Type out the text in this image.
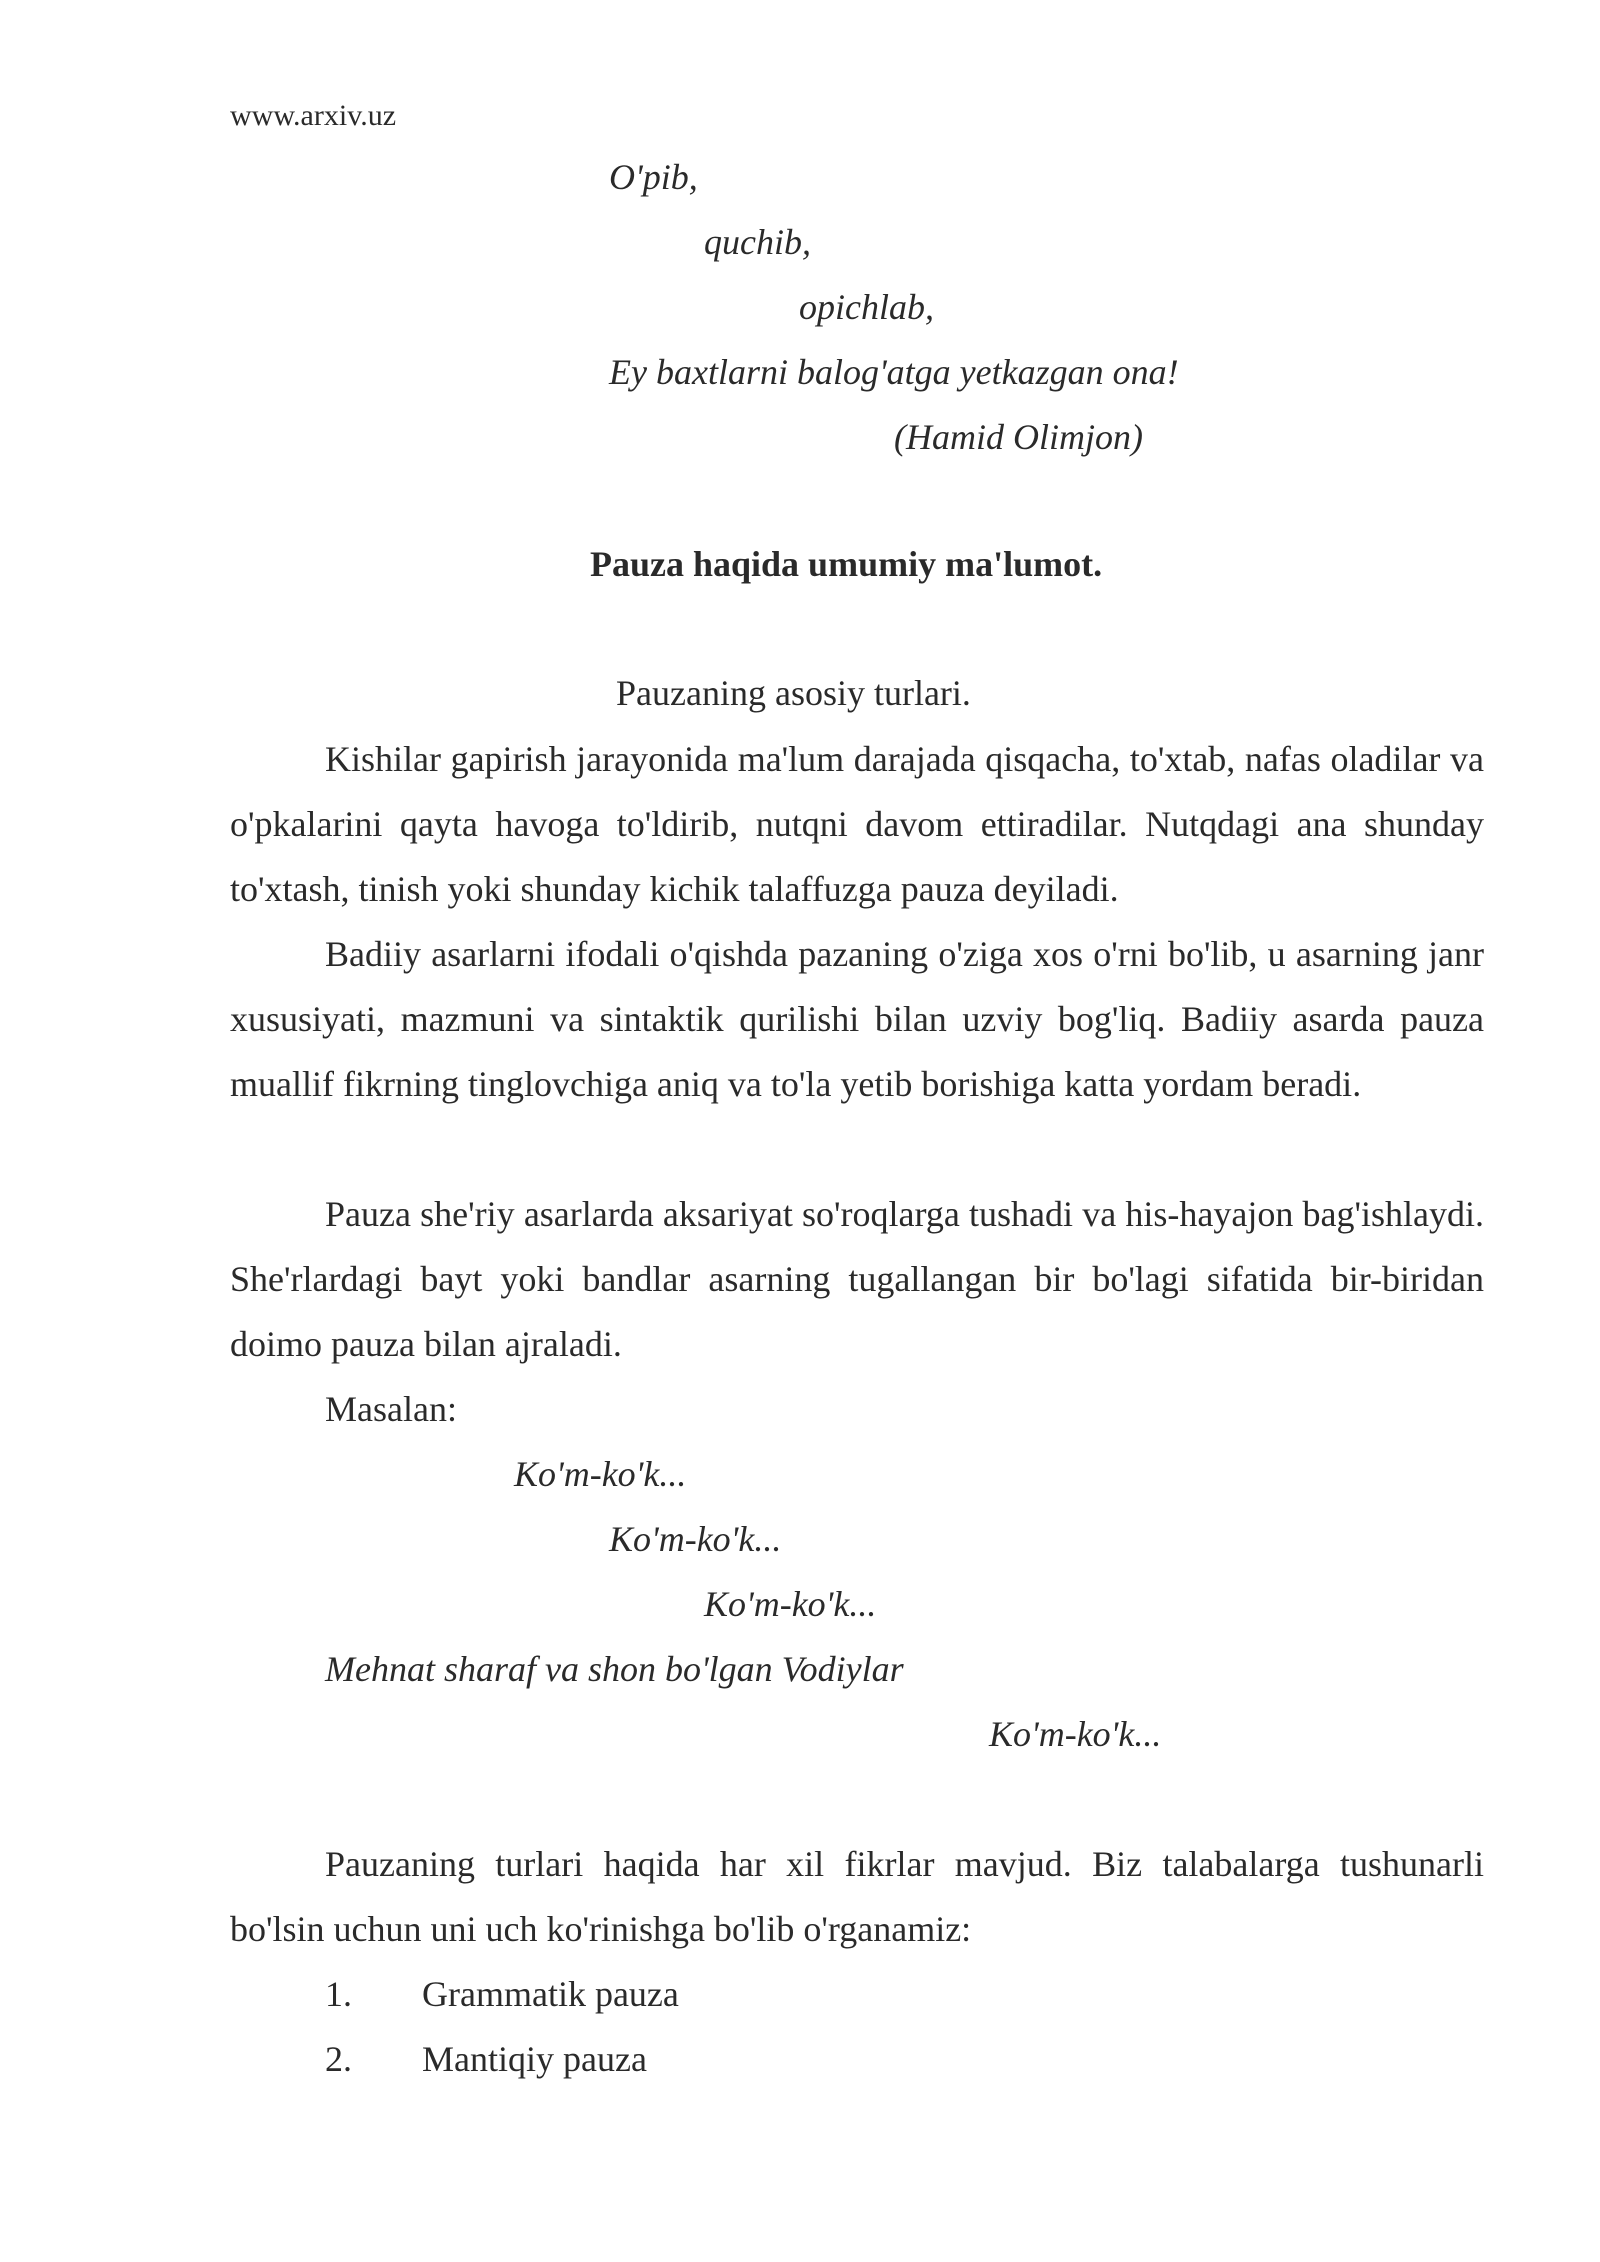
www.arxiv.uz
O'pib,
quchib,
opichlab,
Ey baxtlarni balog'atga yetkazgan ona!
(Hamid Olimjon)
Pauza haqida umumiy ma'lumot.
Pauzaning asosiy turlari.

Kishilar gapirish jarayonida ma'lum darajada qisqacha, to'xtab, nafas oladilar va o'pkalarini qayta havoga to'ldirib, nutqni davom ettiradilar. Nutqdagi ana shunday to'xtash, tinish yoki shunday kichik talaffuzga pauza deyiladi.

Badiiy asarlarni ifodali o'qishda pazaning o'ziga xos o'rni bo'lib, u asarning janr xususiyati, mazmuni va sintaktik qurilishi bilan uzviy bog'liq. Badiiy asarda pauza muallif fikrning tinglovchiga aniq va to'la yetib borishiga katta yordam beradi.

Pauza she'riy asarlarda aksariyat so'roqlarga tushadi va his-hayajon bag'ishlaydi. She'rlardagi bayt yoki bandlar asarning tugallangan bir bo'lagi sifatida bir-biridan doimo pauza bilan ajraladi.

Masalan:
Ko'm-ko'k...
Ko'm-ko'k...
Ko'm-ko'k...
Mehnat sharaf va shon bo'lgan Vodiylar
Ko'm-ko'k...

Pauzaning turlari haqida har xil fikrlar mavjud. Biz talabalarga tushunarli bo'lsin uchun uni uch ko'rinishga bo'lib o'rganamiz:

1. Grammatik pauza
2. Mantiqiy pauza
